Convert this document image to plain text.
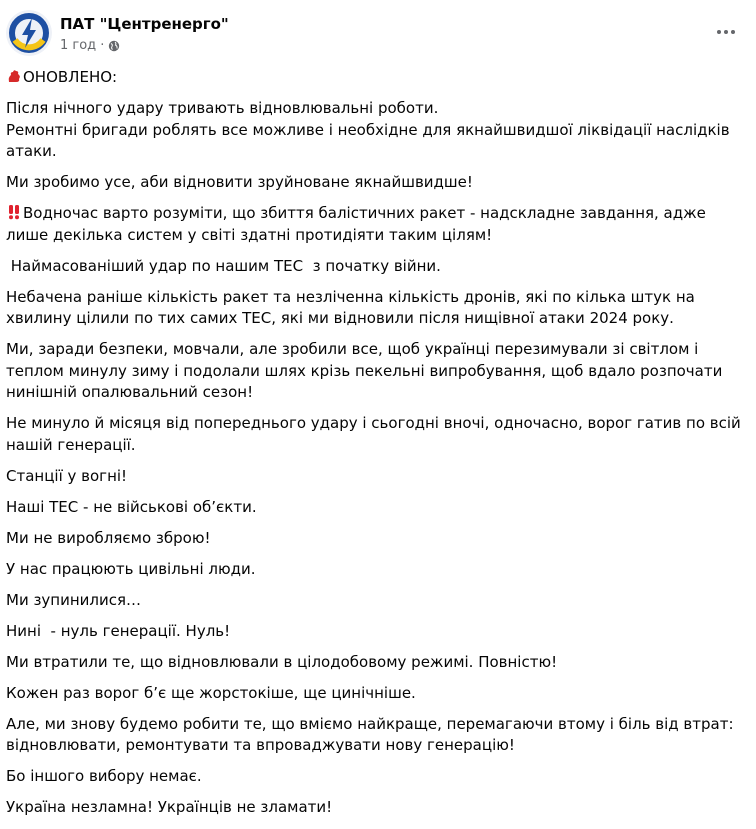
ПАТ "Центренерго"
1 год ·
ОНОВЛЕНО:
Після нічного удару тривають відновлювальні роботи.
Ремонтні бригади роблять все можливе і необхідне для якнайшвидшої ліквідації наслідків атаки.
Ми зробимо усе, аби відновити зруйноване якнайшвидше!
Водночас варто розуміти, що збиття балістичних ракет - надскладне завдання, адже лише декілька систем у світі здатні протидіяти таким цілям!
Наймасованіший удар по нашим ТЕС  з початку війни.
Небачена раніше кількість ракет та незліченна кількість дронів, які по кілька штук на хвилину цілили по тих самих ТЕС, які ми відновили після нищівної атаки 2024 року.
Ми, заради безпеки, мовчали, але зробили все, щоб українці перезимували зі світлом і теплом минулу зиму і подолали шлях крізь пекельні випробування, щоб вдало розпочати нинішній опалювальний сезон!
Не минуло й місяця від попереднього удару і сьогодні вночі, одночасно, ворог гатив по всій нашій генерації.
Станції у вогні!
Наші ТЕС - не військові об’єкти.
Ми не виробляємо зброю!
У нас працюють цивільні люди.
Ми зупинилися…
Нині  - нуль генерації. Нуль!
Ми втратили те, що відновлювали в цілодобовому режимі. Повністю!
Кожен раз ворог б’є ще жорстокіше, ще цинічніше.
Але, ми знову будемо робити те, що вміємо найкраще, перемагаючи втому і біль від втрат: відновлювати, ремонтувати та впроваджувати нову генерацію!
Бо іншого вибору немає.
Україна незламна! Українців не зламати!
